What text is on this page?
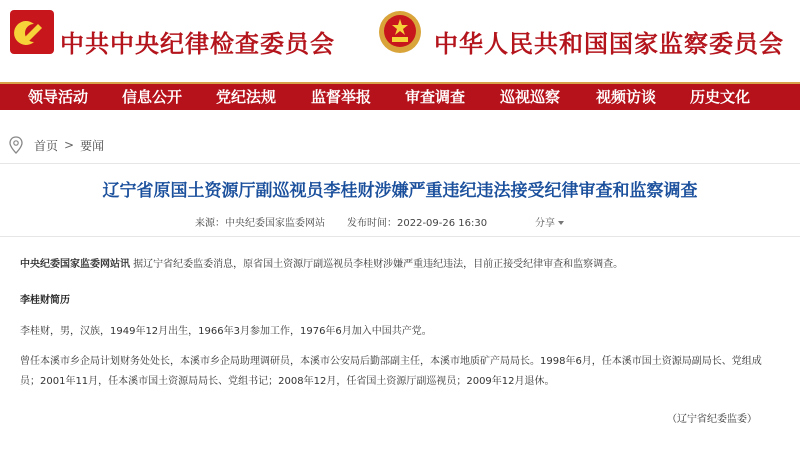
中共中央纪律检查委员会	中华人民共和国国家监察委员会
领导活动 信息公开 党纪法规 监督举报 审查调查 巡视巡察 视频访谈 历史文化
首页 > 要闻
辽宁省原国土资源厅副巡视员李桂财涉嫌严重违纪违法接受纪律审查和监察调查
来源：中央纪委国家监委网站 发布时间：2022-09-26 16:30	分享
中央纪委国家监委网站讯 据辽宁省纪委监委消息，原省国土资源厅副巡视员李桂财涉嫌严重违纪违法，目前正接受纪律审查和监察调查。
李桂财简历
李桂财，男，汉族，1949年12月出生，1966年3月参加工作，1976年6月加入中国共产党。
曾任本溪市乡企局计划财务处处长，本溪市乡企局助理调研员，本溪市公安局后勤部副主任，本溪市地质矿产局局长。1998年6月，任本溪市国土资源局副局长、党组成员；2001年11月，任本溪市国土资源局局长、党组书记；2008年12月，任省国土资源厅副巡视员；2009年12月退休。
（辽宁省纪委监委）
